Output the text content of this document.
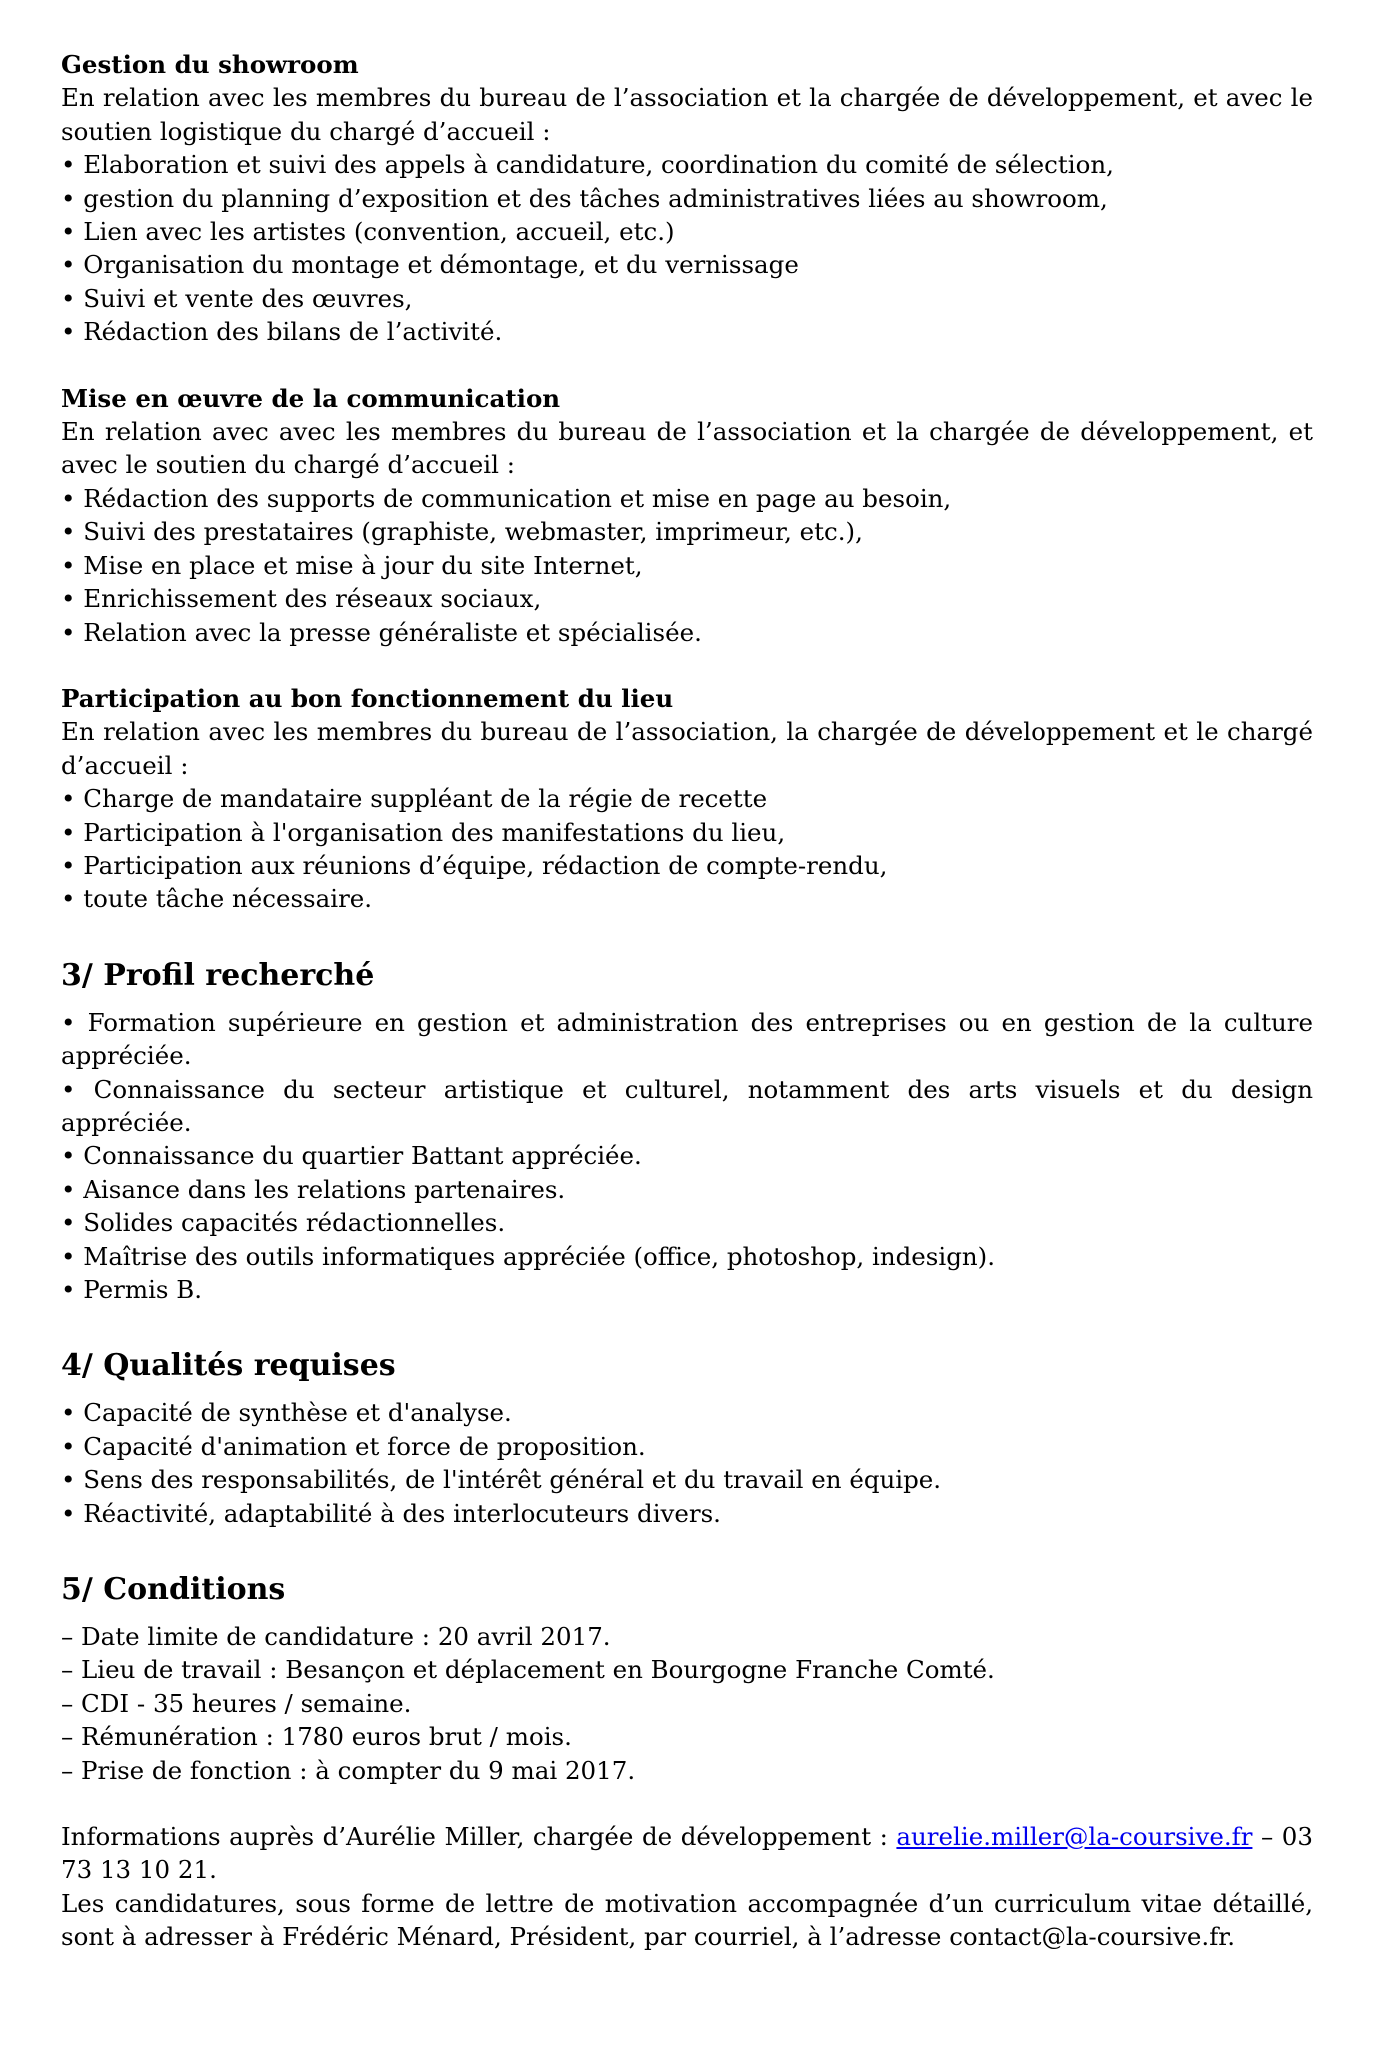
Gestion du showroom

En relation avec les membres du bureau de l’association et la chargée de développement, et avec le soutien logistique du chargé d’accueil :

• Elaboration et suivi des appels à candidature, coordination du comité de sélection,
• gestion du planning d’exposition et des tâches administratives liées au showroom,
• Lien avec les artistes (convention, accueil, etc.)
• Organisation du montage et démontage, et du vernissage
• Suivi et vente des œuvres,
• Rédaction des bilans de l’activité.

Mise en œuvre de la communication

En relation avec avec les membres du bureau de l’association et la chargée de développement, et avec le soutien du chargé d’accueil :

• Rédaction des supports de communication et mise en page au besoin,
• Suivi des prestataires (graphiste, webmaster, imprimeur, etc.),
• Mise en place et mise à jour du site Internet,
• Enrichissement des réseaux sociaux,
• Relation avec la presse généraliste et spécialisée.

Participation au bon fonctionnement du lieu

En relation avec les membres du bureau de l’association, la chargée de développement et le chargé d’accueil :

• Charge de mandataire suppléant de la régie de recette
• Participation à l'organisation des manifestations du lieu,
• Participation aux réunions d’équipe, rédaction de compte-rendu,
• toute tâche nécessaire.
3/ Profil recherché
• Formation supérieure en gestion et administration des entreprises ou en gestion de la culture appréciée.
• Connaissance du secteur artistique et culturel, notamment des arts visuels et du design appréciée.
• Connaissance du quartier Battant appréciée.
• Aisance dans les relations partenaires.
• Solides capacités rédactionnelles.
• Maîtrise des outils informatiques appréciée (office, photoshop, indesign).
• Permis B.
4/ Qualités requises
• Capacité de synthèse et d'analyse.
• Capacité d'animation et force de proposition.
• Sens des responsabilités, de l'intérêt général et du travail en équipe.
• Réactivité, adaptabilité à des interlocuteurs divers.
5/ Conditions
– Date limite de candidature : 20 avril 2017.
– Lieu de travail : Besançon et déplacement en Bourgogne Franche Comté.
– CDI - 35 heures / semaine.
– Rémunération : 1780 euros brut / mois.
– Prise de fonction : à compter du 9 mai 2017.

Informations auprès d’Aurélie Miller, chargée de développement : aurelie.miller@la-coursive.fr – 03 73 13 10 21.

Les candidatures, sous forme de lettre de motivation accompagnée d’un curriculum vitae détaillé, sont à adresser à Frédéric Ménard, Président, par courriel, à l’adresse contact@la-coursive.fr.
